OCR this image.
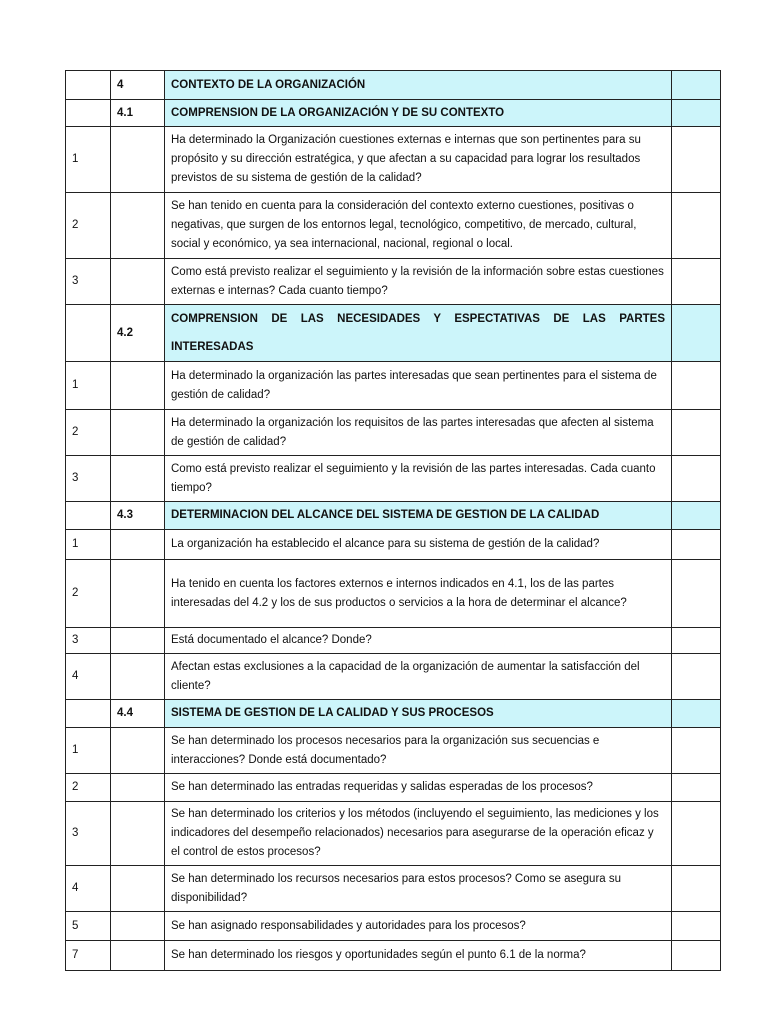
	4	CONTEXTO DE LA ORGANIZACIÓN	
	4.1	COMPRENSION DE LA ORGANIZACIÓN Y DE SU CONTEXTO	
1		Ha determinado la Organización cuestiones externas e internas que son pertinentes para su propósito y su dirección estratégica, y que afectan a su capacidad para lograr los resultados previstos de su sistema de gestión de la calidad?	
2		Se han tenido en cuenta para la consideración del contexto externo cuestiones, positivas o negativas, que surgen de los entornos legal, tecnológico, competitivo, de mercado, cultural, social y económico, ya sea internacional, nacional, regional o local.	
3		Como está previsto realizar el seguimiento y la revisión de la información sobre estas cuestiones externas e internas? Cada cuanto tiempo?	
	4.2	COMPRENSION DE LAS NECESIDADES Y ESPECTATIVAS DE LAS PARTES INTERESADAS	
1		Ha determinado la organización las partes interesadas que sean pertinentes para el sistema de gestión de calidad?	
2		Ha determinado la organización los requisitos de las partes interesadas que afecten al sistema de gestión de calidad?	
3		Como está previsto realizar el seguimiento y la revisión de las partes interesadas. Cada cuanto tiempo?	
	4.3	DETERMINACION DEL ALCANCE DEL SISTEMA DE GESTION DE LA CALIDAD	
1		La organización ha establecido el alcance para su sistema de gestión de la calidad?	
2		Ha tenido en cuenta los factores externos e internos indicados en 4.1, los de las partes interesadas del 4.2 y los de sus productos o servicios a la hora de determinar el alcance?	
3		Está documentado el alcance? Donde?	
4		Afectan estas exclusiones a la capacidad de la organización de aumentar la satisfacción del cliente?	
	4.4	SISTEMA DE GESTION DE LA CALIDAD Y SUS PROCESOS	
1		Se han determinado los procesos necesarios para la organización sus secuencias e interacciones? Donde está documentado?	
2		Se han determinado las entradas requeridas y salidas esperadas de los procesos?	
3		Se han determinado los criterios y los métodos (incluyendo el seguimiento, las mediciones y los indicadores del desempeño relacionados) necesarios para asegurarse de la operación eficaz y el control de estos procesos?	
4		Se han determinado los recursos necesarios para estos procesos? Como se asegura su disponibilidad?	
5		Se han asignado responsabilidades y autoridades para los procesos?	
7		Se han determinado los riesgos y oportunidades según el punto 6.1 de la norma?	
